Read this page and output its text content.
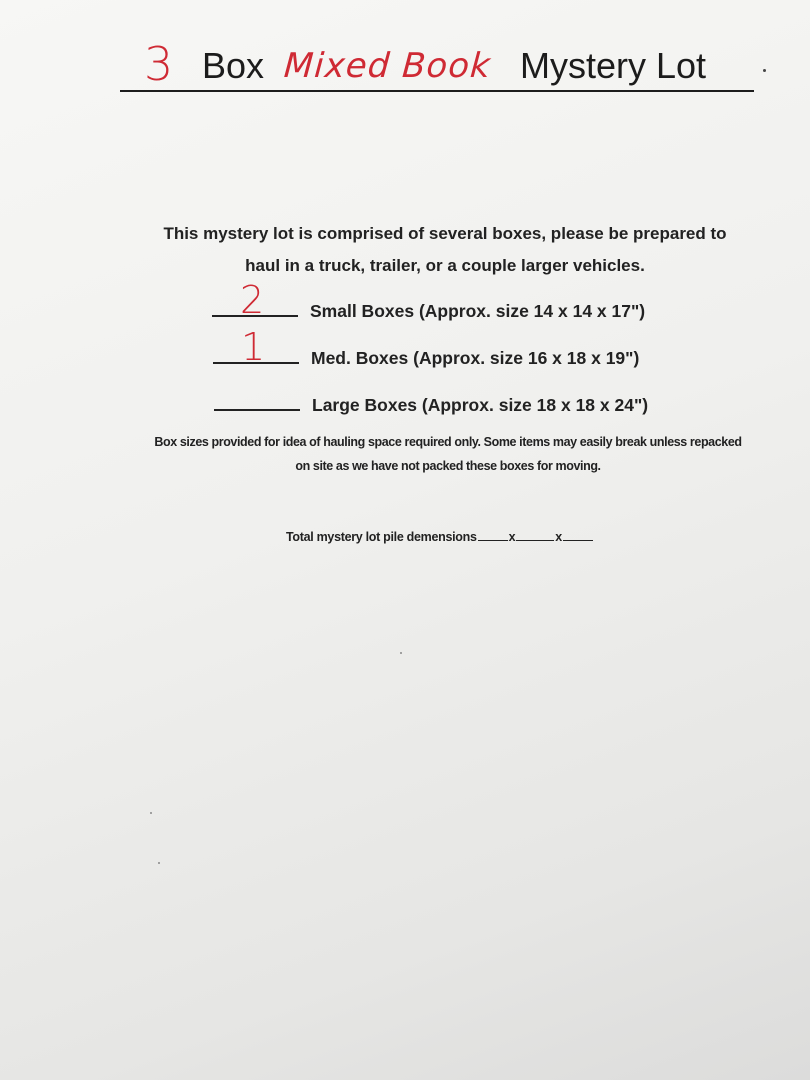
3 Box Mixed Book Mystery Lot
This mystery lot is comprised of several boxes, please be prepared to
haul in a truck, trailer, or a couple larger vehicles.
2	Small Boxes (Approx. size 14 x 14 x 17")
1	Med. Boxes (Approx. size 16 x 18 x 19")
Large Boxes (Approx. size 18 x 18 x 24")
Box sizes provided for idea of hauling space required only. Some items may easily break unless repacked
on site as we have not packed these boxes for moving.
Total mystery lot pile demensions	x	x
